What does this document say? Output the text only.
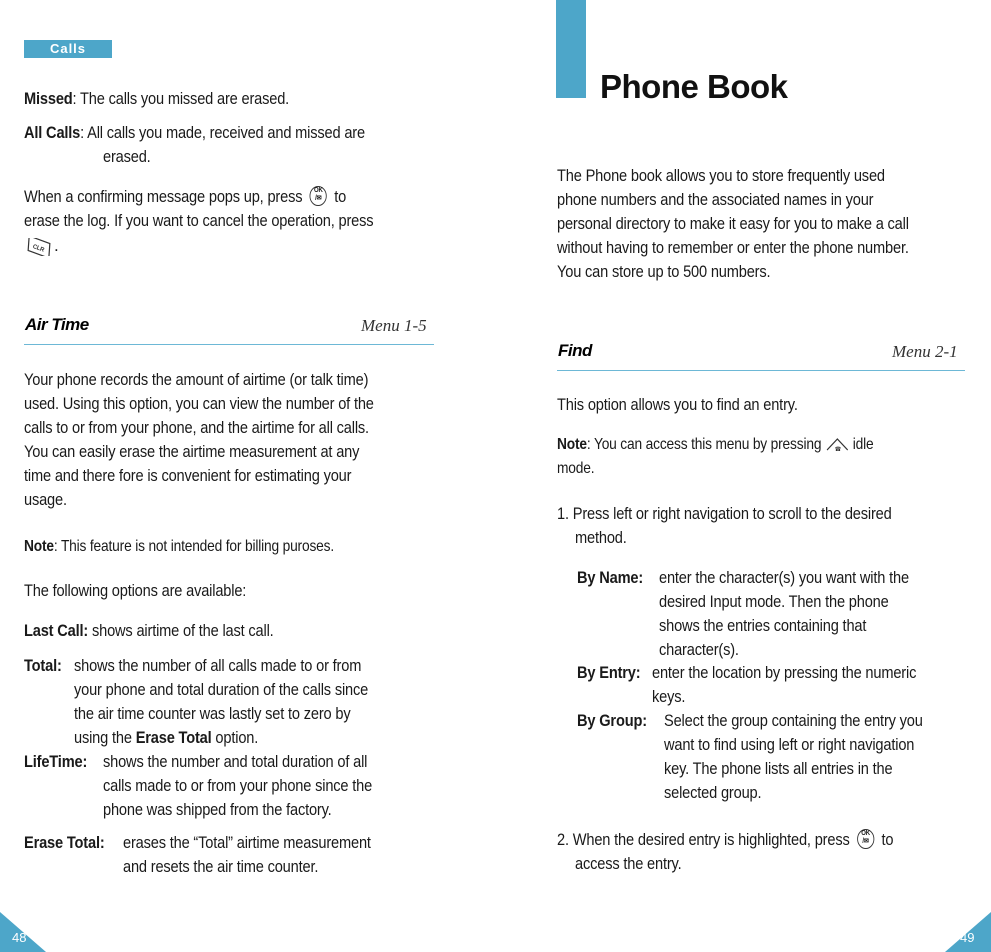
Calls
Missed: The calls you missed are erased.
All Calls: All calls you made, received and missed are
erased.
When a confirming message pops up, press OK
/✉ to
erase the log. If you want to cancel the operation, press
CLR .
Air Time	Menu 1-5
Your phone records the amount of airtime (or talk time)
used. Using this option, you can view the number of the
calls to or from your phone, and the airtime for all calls.
You can easily erase the airtime measurement at any
time and there fore is convenient for estimating your
usage.
Note: This feature is not intended for billing puroses.
The following options are available:
Last Call: shows airtime of the last call.
Total: shows the number of all calls made to or from
your phone and total duration of the calls since
the air time counter was lastly set to zero by
using the Erase Total option.
LifeTime: shows the number and total duration of all
calls made to or from your phone since the
phone was shipped from the factory.
Erase Total: erases the “Total” airtime measurement
and resets the air time counter.
48
Phone Book
The Phone book allows you to store frequently used
phone numbers and the associated names in your
personal directory to make it easy for you to make a call
without having to remember or enter the phone number.
You can store up to 500 numbers.
Find	Menu 2-1
This option allows you to find an entry.
Note: You can access this menu by pressing ☎ idle
mode.
1. Press left or right navigation to scroll to the desired
method.
By Name: enter the character(s) you want with the
desired Input mode. Then the phone
shows the entries containing that
character(s).
By Entry: enter the location by pressing the numeric
keys.
By Group: Select the group containing the entry you
want to find using left or right navigation
key. The phone lists all entries in the
selected group.
2. When the desired entry is highlighted, press OK
/✉ to
access the entry.
49
